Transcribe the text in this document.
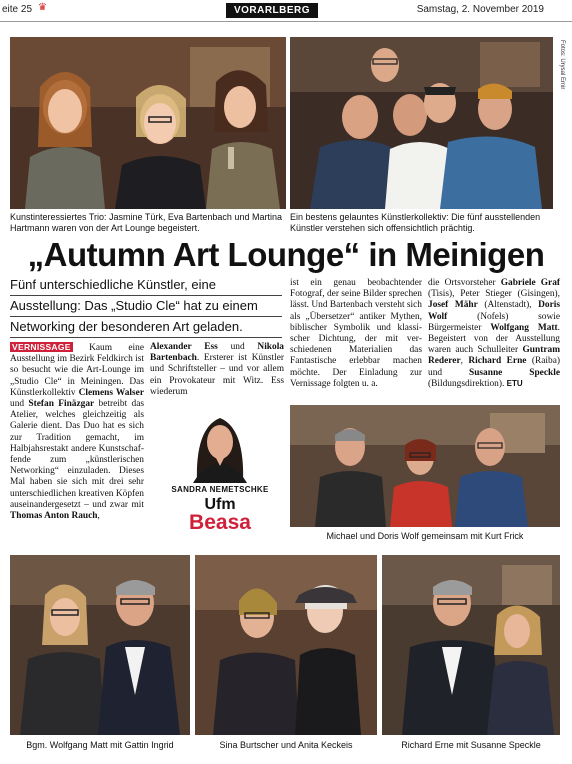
eite 25 ♛	VORARLBERG	Samstag, 2. November 2019
Fotos: Urysal Emir
Kunstinteressiertes Trio: Jasmine Türk, Eva Bartenbach und Martina Hartmann waren von der Art Lounge begeistert.
Ein bestens gelauntes Künstlerkollektiv: Die fünf ausstellenden Künstler verstehen sich offensichtlich prächtig.
„Autumn Art Lounge“ in Meinigen
Fünf unterschiedliche Künstler, eine
Ausstellung: Das „Studio Cle“ hat zu einem
Networking der besonderen Art geladen.
VERNISSAGE Kaum eine Ausstellung im Bezirk Feldkirch ist so besucht wie die Art-Lounge im „Studio Cle“ in Meiningen. Das Künstlerkollektiv Clemens Walser und Stefan Finäzgar betreibt das Atelier, welches gleichzeitig als Galerie dient. Das Duo hat es sich zur Tradition gemacht, im Halbjahsrestakt andere Kunstschaffende zum „künstlerischen Networking“ einzuladen. Dieses Mal haben sie sich mit drei sehr unterschiedlichen kreativen Köpfen auseinandergesetzt – und zwar mit Thomas Anton Rauch,
Alexander Ess und Nikola Bartenbach. Ersterer ist Künstler und Schriftsteller – und vor allem ein Provokateur mit Witz. Ess wiederum
SANDRA NEMETSCHKE
Ufm
Beasa
ist ein genau beobachtender Fotograf, der seine Bilder sprechen lässt. Und Bartenbach versteht sich als „Übersetzer“ antiker Mythen, biblischer Symbolik und klassischer Dichtung, der mit verschiedenen Materialien das Fantastische erlebbar machen möchte. Der Einladung zur Vernissage folgten u. a.
die Ortsvorsteher Gabriele Graf (Tisis), Peter Stieger (Gisingen), Josef Mähr (Altenstadt), Doris Wolf (Nofels) sowie Bürgermeister Wolfgang Matt. Begeistert von der Ausstellung waren auch Schulleiter Guntram Rederer, Richard Erne (Raiba) und Susanne Speckle (Bildungsdirektion). ETU
Michael und Doris Wolf gemeinsam mit Kurt Frick
Bgm. Wolfgang Matt mit Gattin Ingrid	Sina Burtscher und Anita Keckeis	Richard Erne mit Susanne Speckle
